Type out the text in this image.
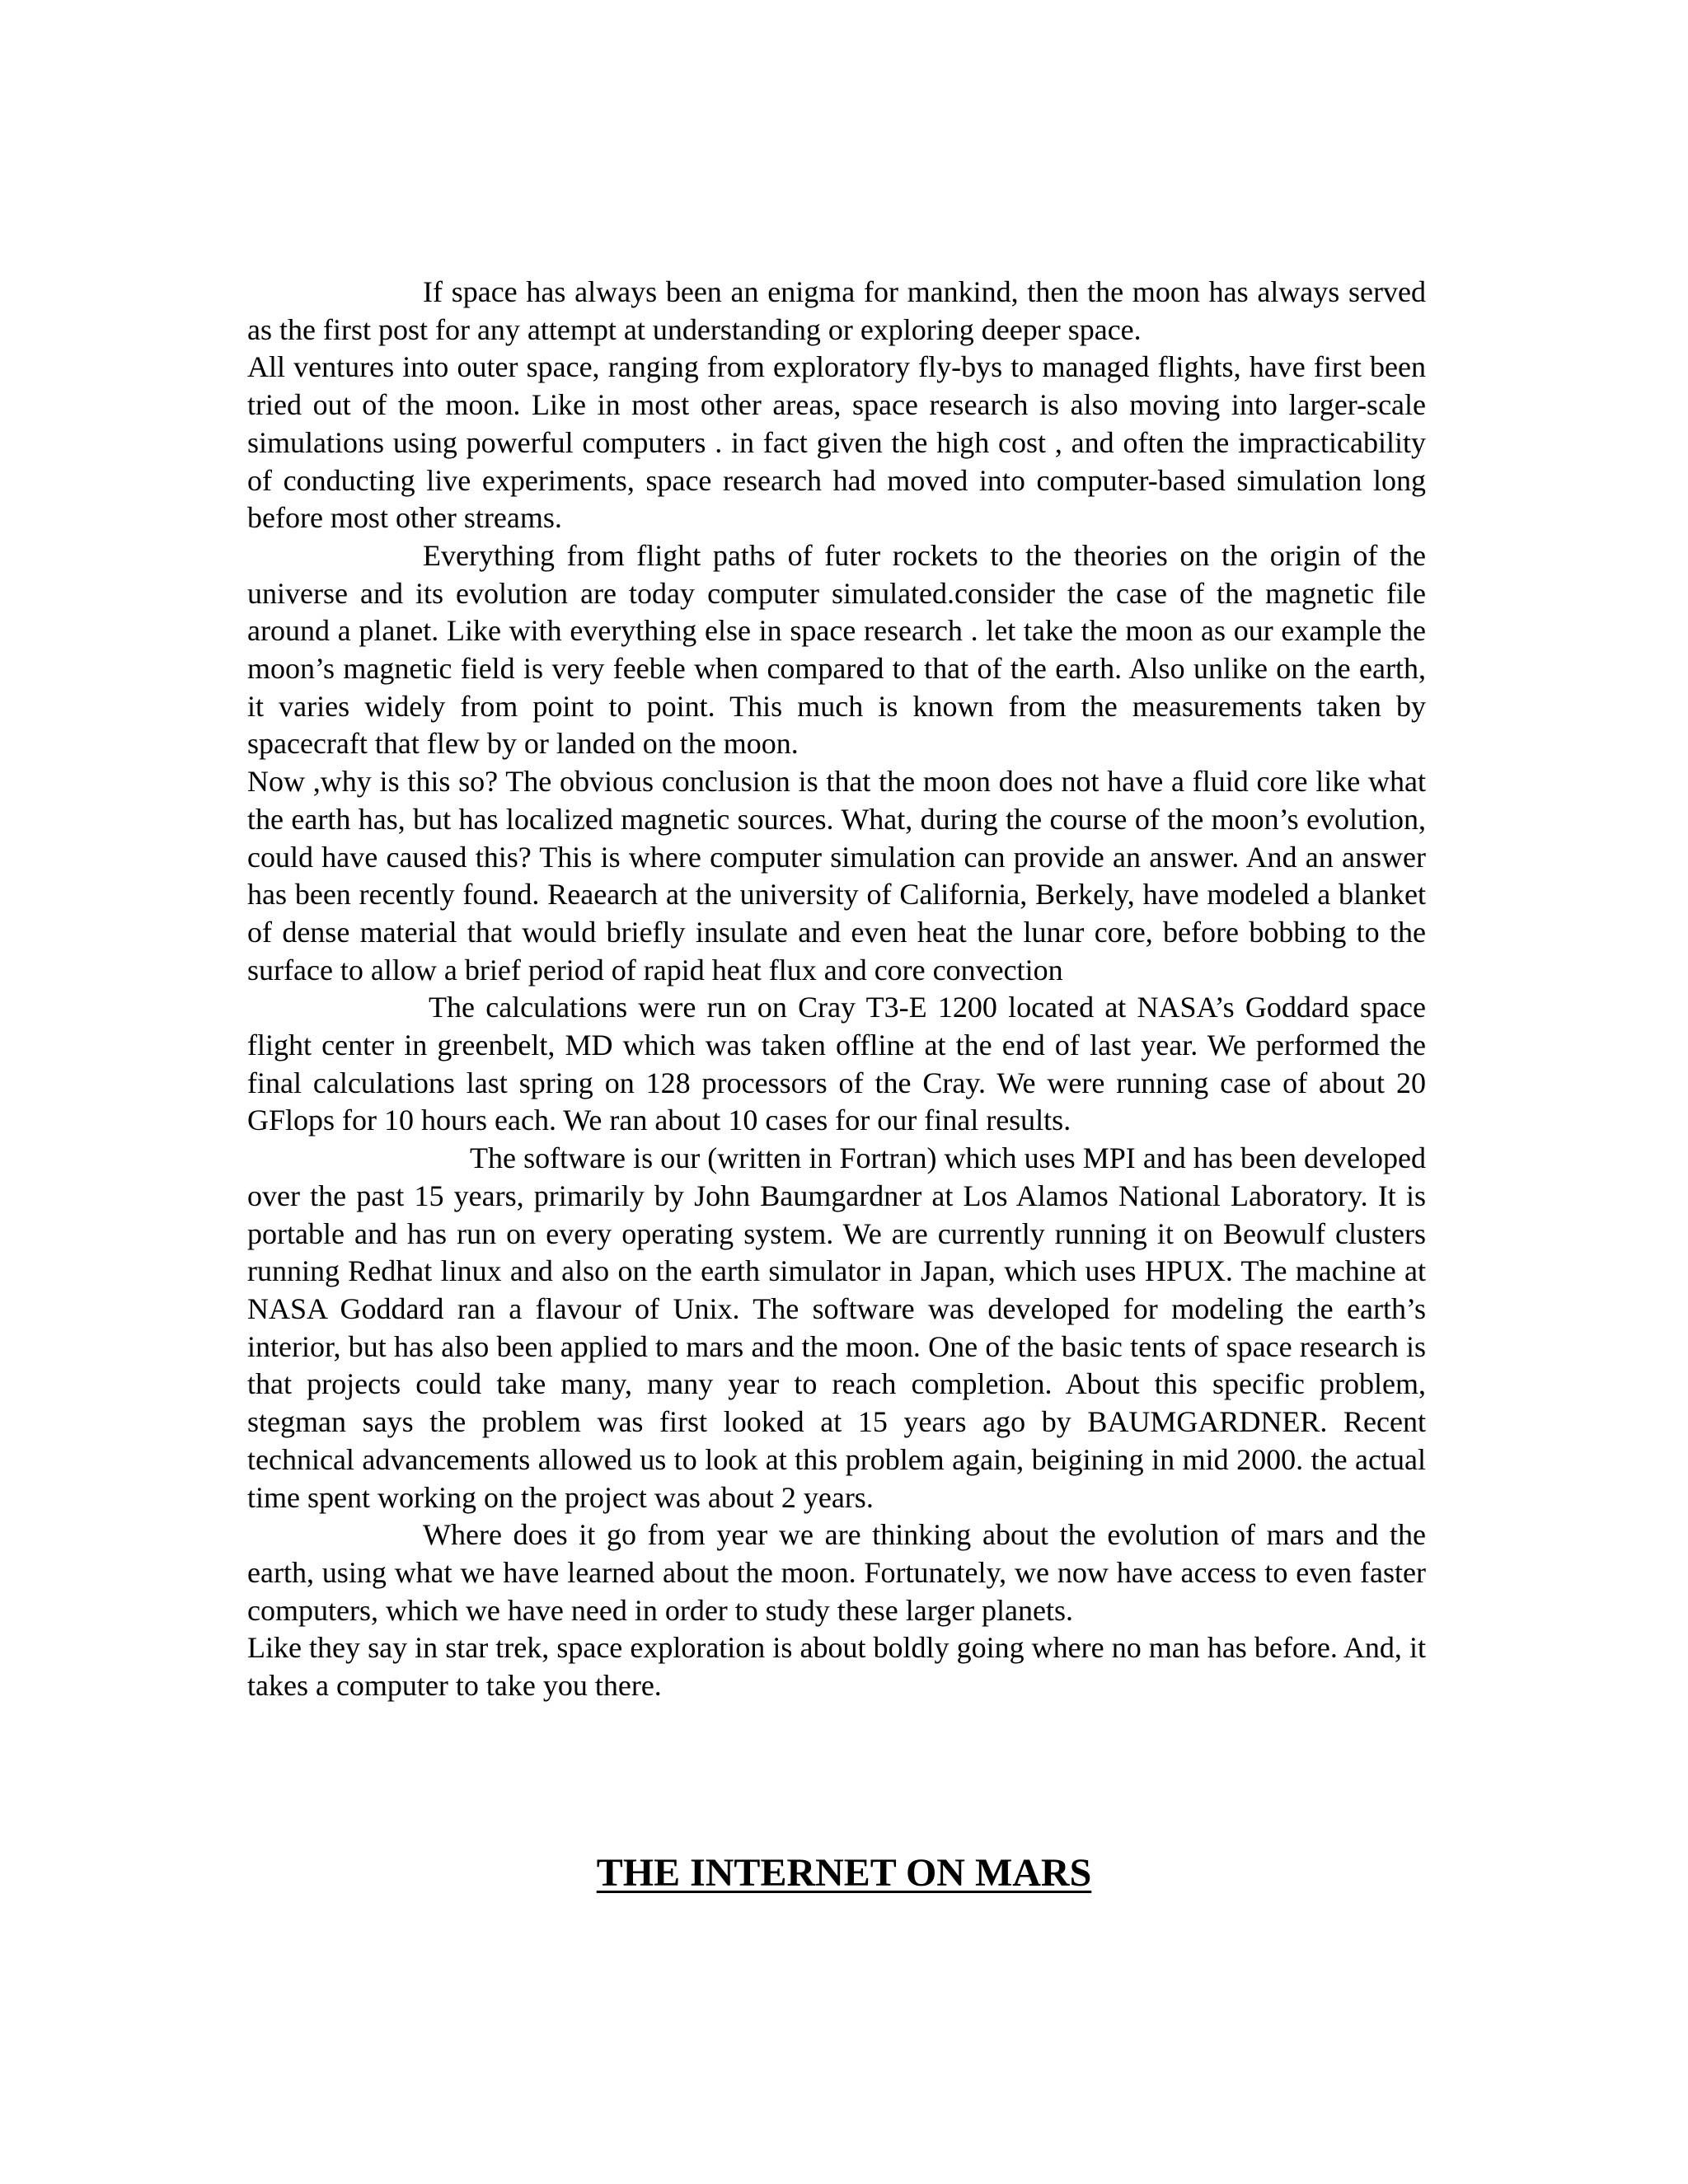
If space has always been an enigma for mankind, then the moon has always served as the first post for any attempt at understanding or exploring deeper space.

All ventures into outer space, ranging from exploratory fly-bys to managed flights, have first been tried out of the moon. Like in most other areas, space research is also moving into larger-scale simulations using powerful computers . in fact given the high cost , and often the impracticability of conducting live experiments, space research had moved into computer-based simulation long before most other streams.

Everything from flight paths of futer rockets to the theories on the origin of the universe and its evolution are today computer simulated.consider the case of the magnetic file around a planet. Like with everything else in space research . let take the moon as our example the moon’s magnetic field is very feeble when compared to that of the earth. Also unlike on the earth, it varies widely from point to point. This much is known from the measurements taken by spacecraft that flew by or landed on the moon.

Now ,why is this so? The obvious conclusion is that the moon does not have a fluid core like what the earth has, but has localized magnetic sources. What, during the course of the moon’s evolution, could have caused this? This is where computer simulation can provide an answer. And an answer has been recently found. Reaearch at the university of California, Berkely, have modeled a blanket of dense material that would briefly insulate and even heat the lunar core, before bobbing to the surface to allow a brief period of rapid heat flux and core convection

The calculations were run on Cray T3-E 1200 located at NASA’s Goddard space flight center in greenbelt, MD which was taken offline at the end of last year. We performed the final calculations last spring on 128 processors of the Cray. We were running case of about 20 GFlops for 10 hours each. We ran about 10 cases for our final results.

The software is our (written in Fortran) which uses MPI and has been developed over the past 15 years, primarily by John Baumgardner at Los Alamos National Laboratory. It is portable and has run on every operating system. We are currently running it on Beowulf clusters running Redhat linux and also on the earth simulator in Japan, which uses HPUX. The machine at NASA Goddard ran a flavour of Unix. The software was developed for modeling the earth’s interior, but has also been applied to mars and the moon. One of the basic tents of space research is that projects could take many, many year to reach completion. About this specific problem, stegman says the problem was first looked at 15 years ago by BAUMGARDNER. Recent technical advancements allowed us to look at this problem again, beigining in mid 2000. the actual time spent working on the project was about 2 years.

Where does it go from year we are thinking about the evolution of mars and the earth, using what we have learned about the moon. Fortunately, we now have access to even faster computers, which we have need in order to study these larger planets.

Like they say in star trek, space exploration is about boldly going where no man has before. And, it takes a computer to take you there.

THE INTERNET ON MARS
